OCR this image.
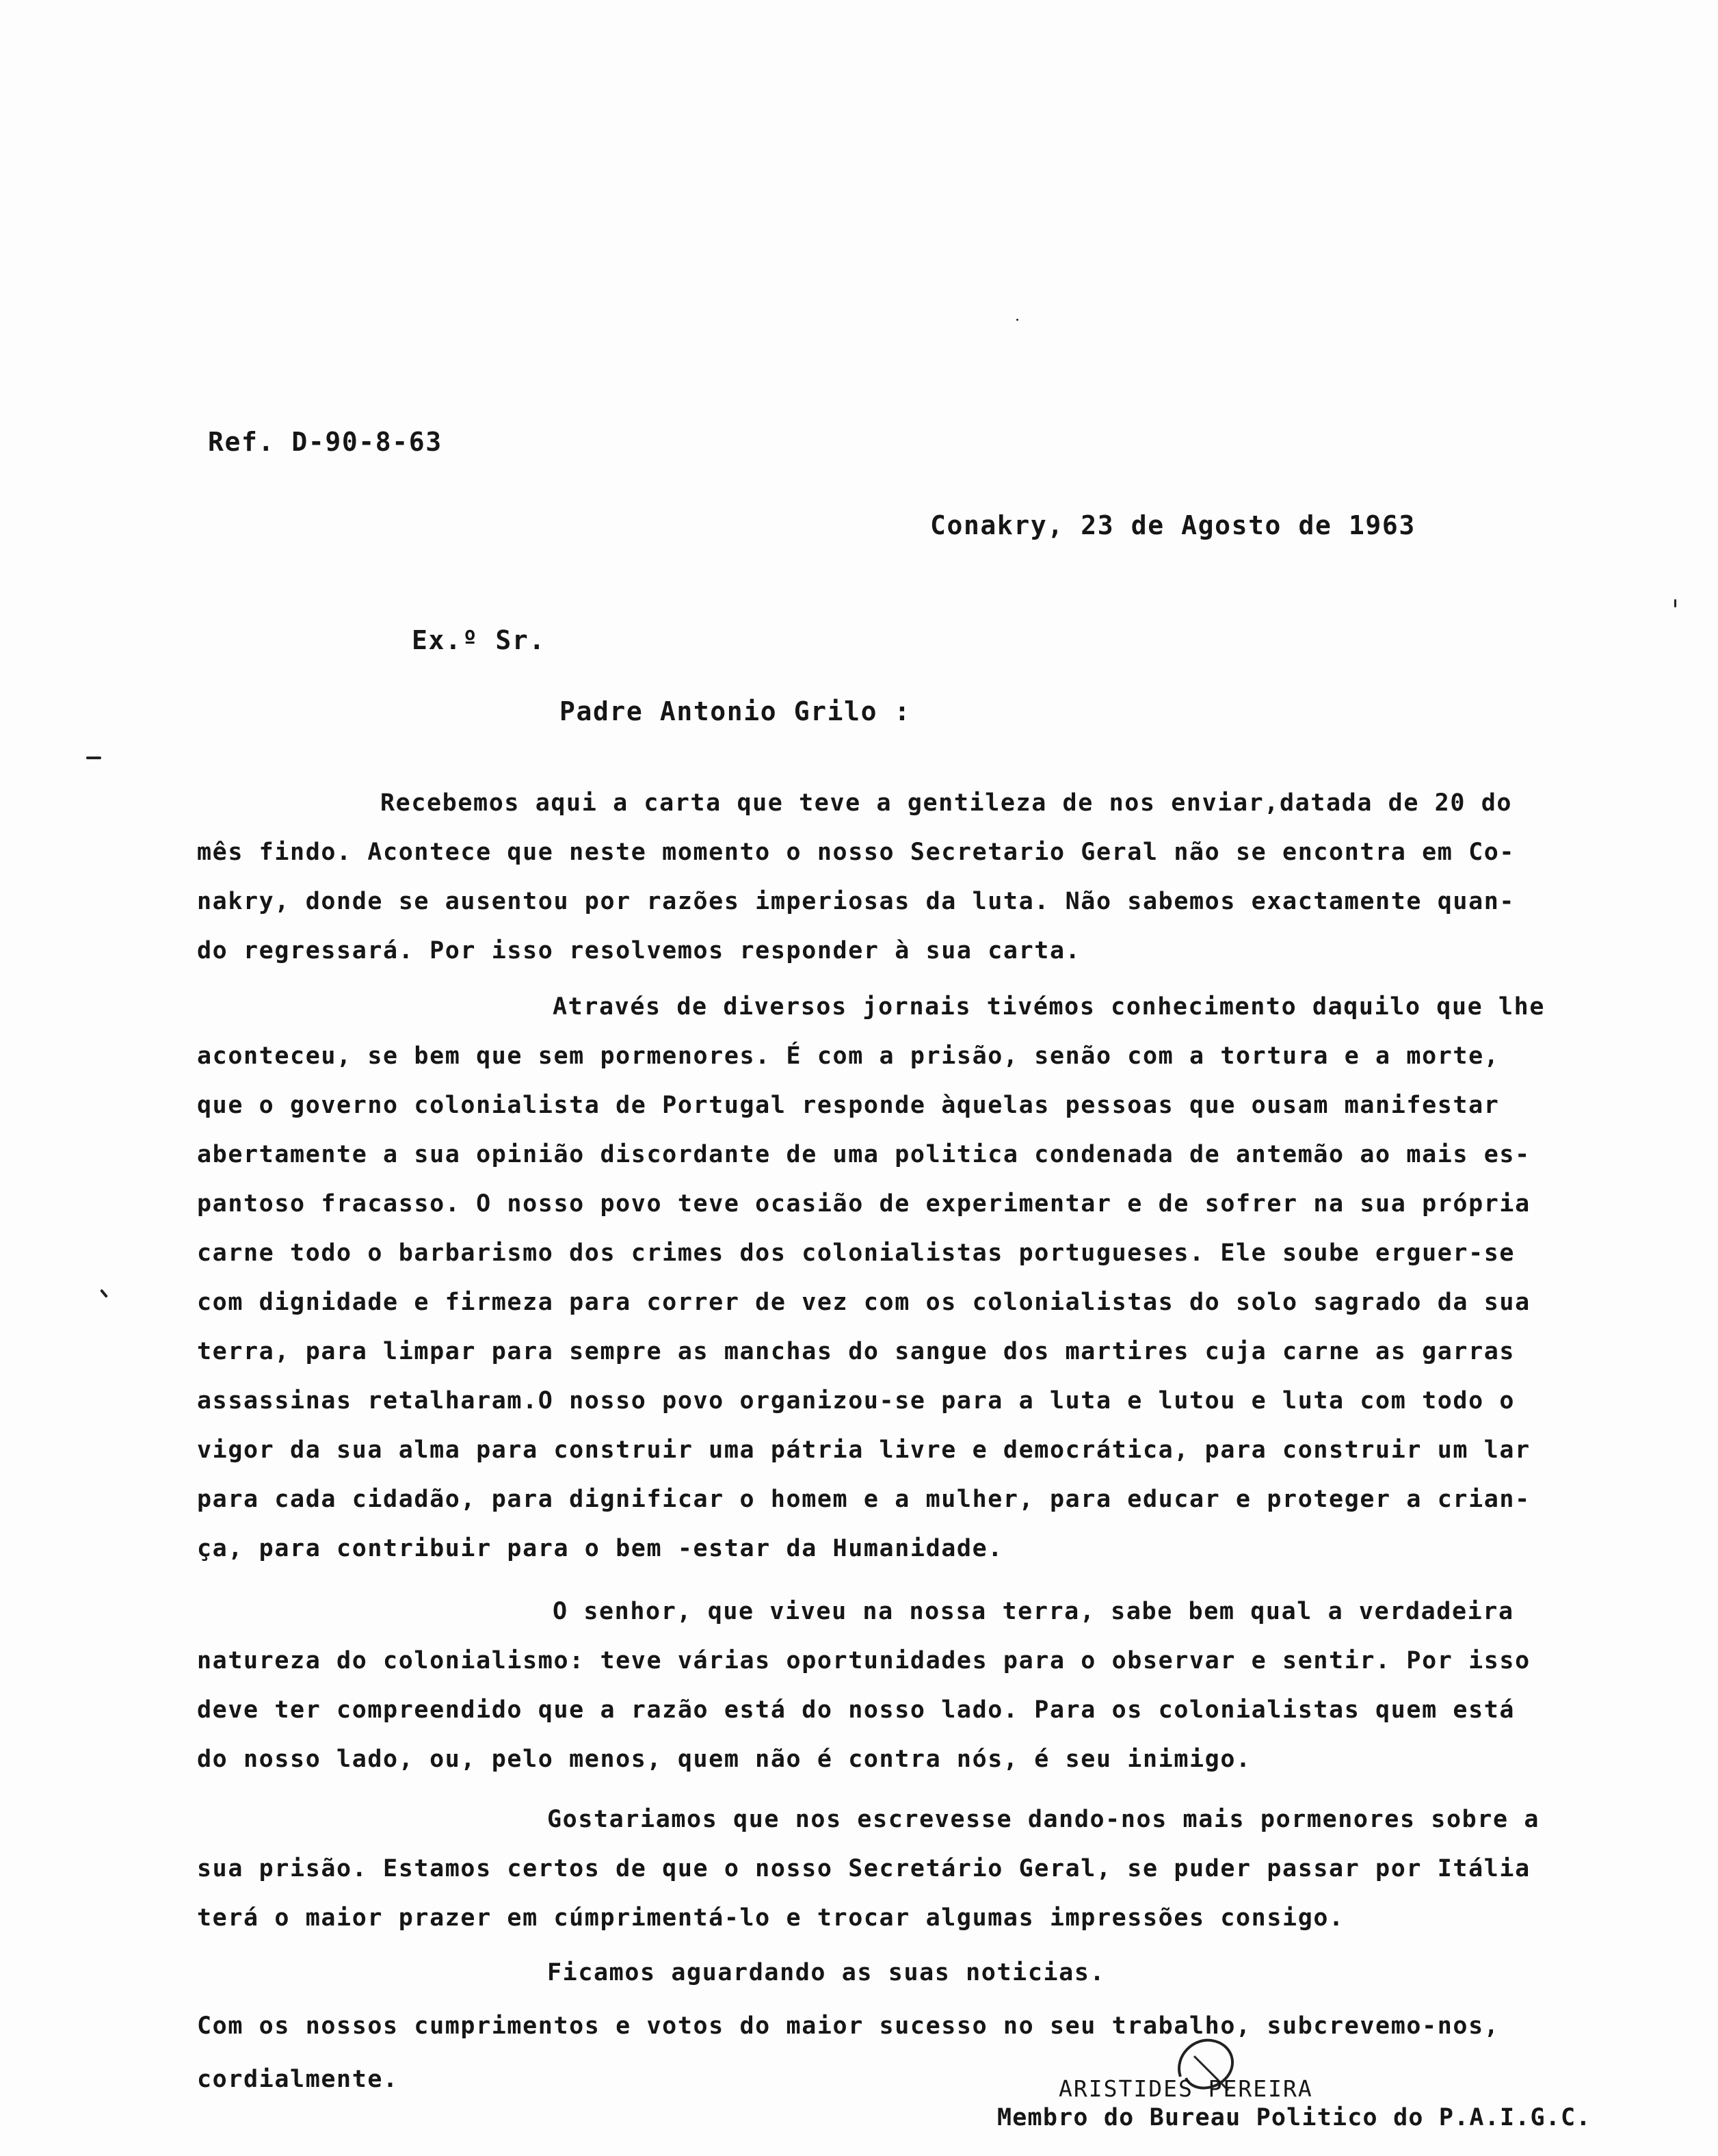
Ref. D-90-8-63
Conakry, 23 de Agosto de 1963
Ex.º Sr.
Padre Antonio Grilo :
Recebemos aqui a carta que teve a gentileza de nos enviar,datada de 20 do
mês findo. Acontece que neste momento o nosso Secretario Geral não se encontra em Co-
nakry, donde se ausentou por razões imperiosas da luta. Não sabemos exactamente quan-
do regressará. Por isso resolvemos responder à sua carta.
Através de diversos jornais tivémos conhecimento daquilo que lhe
aconteceu, se bem que sem pormenores. É com a prisão, senão com a tortura e a morte,
que o governo colonialista de Portugal responde àquelas pessoas que ousam manifestar
abertamente a sua opinião discordante de uma politica condenada de antemão ao mais es-
pantoso fracasso. O nosso povo teve ocasião de experimentar e de sofrer na sua própria
carne todo o barbarismo dos crimes dos colonialistas portugueses. Ele soube erguer-se
com dignidade e firmeza para correr de vez com os colonialistas do solo sagrado da sua
terra, para limpar para sempre as manchas do sangue dos martires cuja carne as garras
assassinas retalharam.O nosso povo organizou-se para a luta e lutou e luta com todo o
vigor da sua alma para construir uma pátria livre e democrática, para construir um lar
para cada cidadão, para dignificar o homem e a mulher, para educar e proteger a crian-
ça, para contribuir para o bem -estar da Humanidade.
O senhor, que viveu na nossa terra, sabe bem qual a verdadeira
natureza do colonialismo: teve várias oportunidades para o observar e sentir. Por isso
deve ter compreendido que a razão está do nosso lado. Para os colonialistas quem está
do nosso lado, ou, pelo menos, quem não é contra nós, é seu inimigo.
Gostariamos que nos escrevesse dando-nos mais pormenores sobre a
sua prisão. Estamos certos de que o nosso Secretário Geral, se puder passar por Itália
terá o maior prazer em cúmprimentá-lo e trocar algumas impressões consigo.
Ficamos aguardando as suas noticias.
Com os nossos cumprimentos e votos do maior sucesso no seu trabalho, subcrevemo-nos,
cordialmente.	ARISTIDES PEREIRA
Membro do Bureau Politico do P.A.I.G.C.
